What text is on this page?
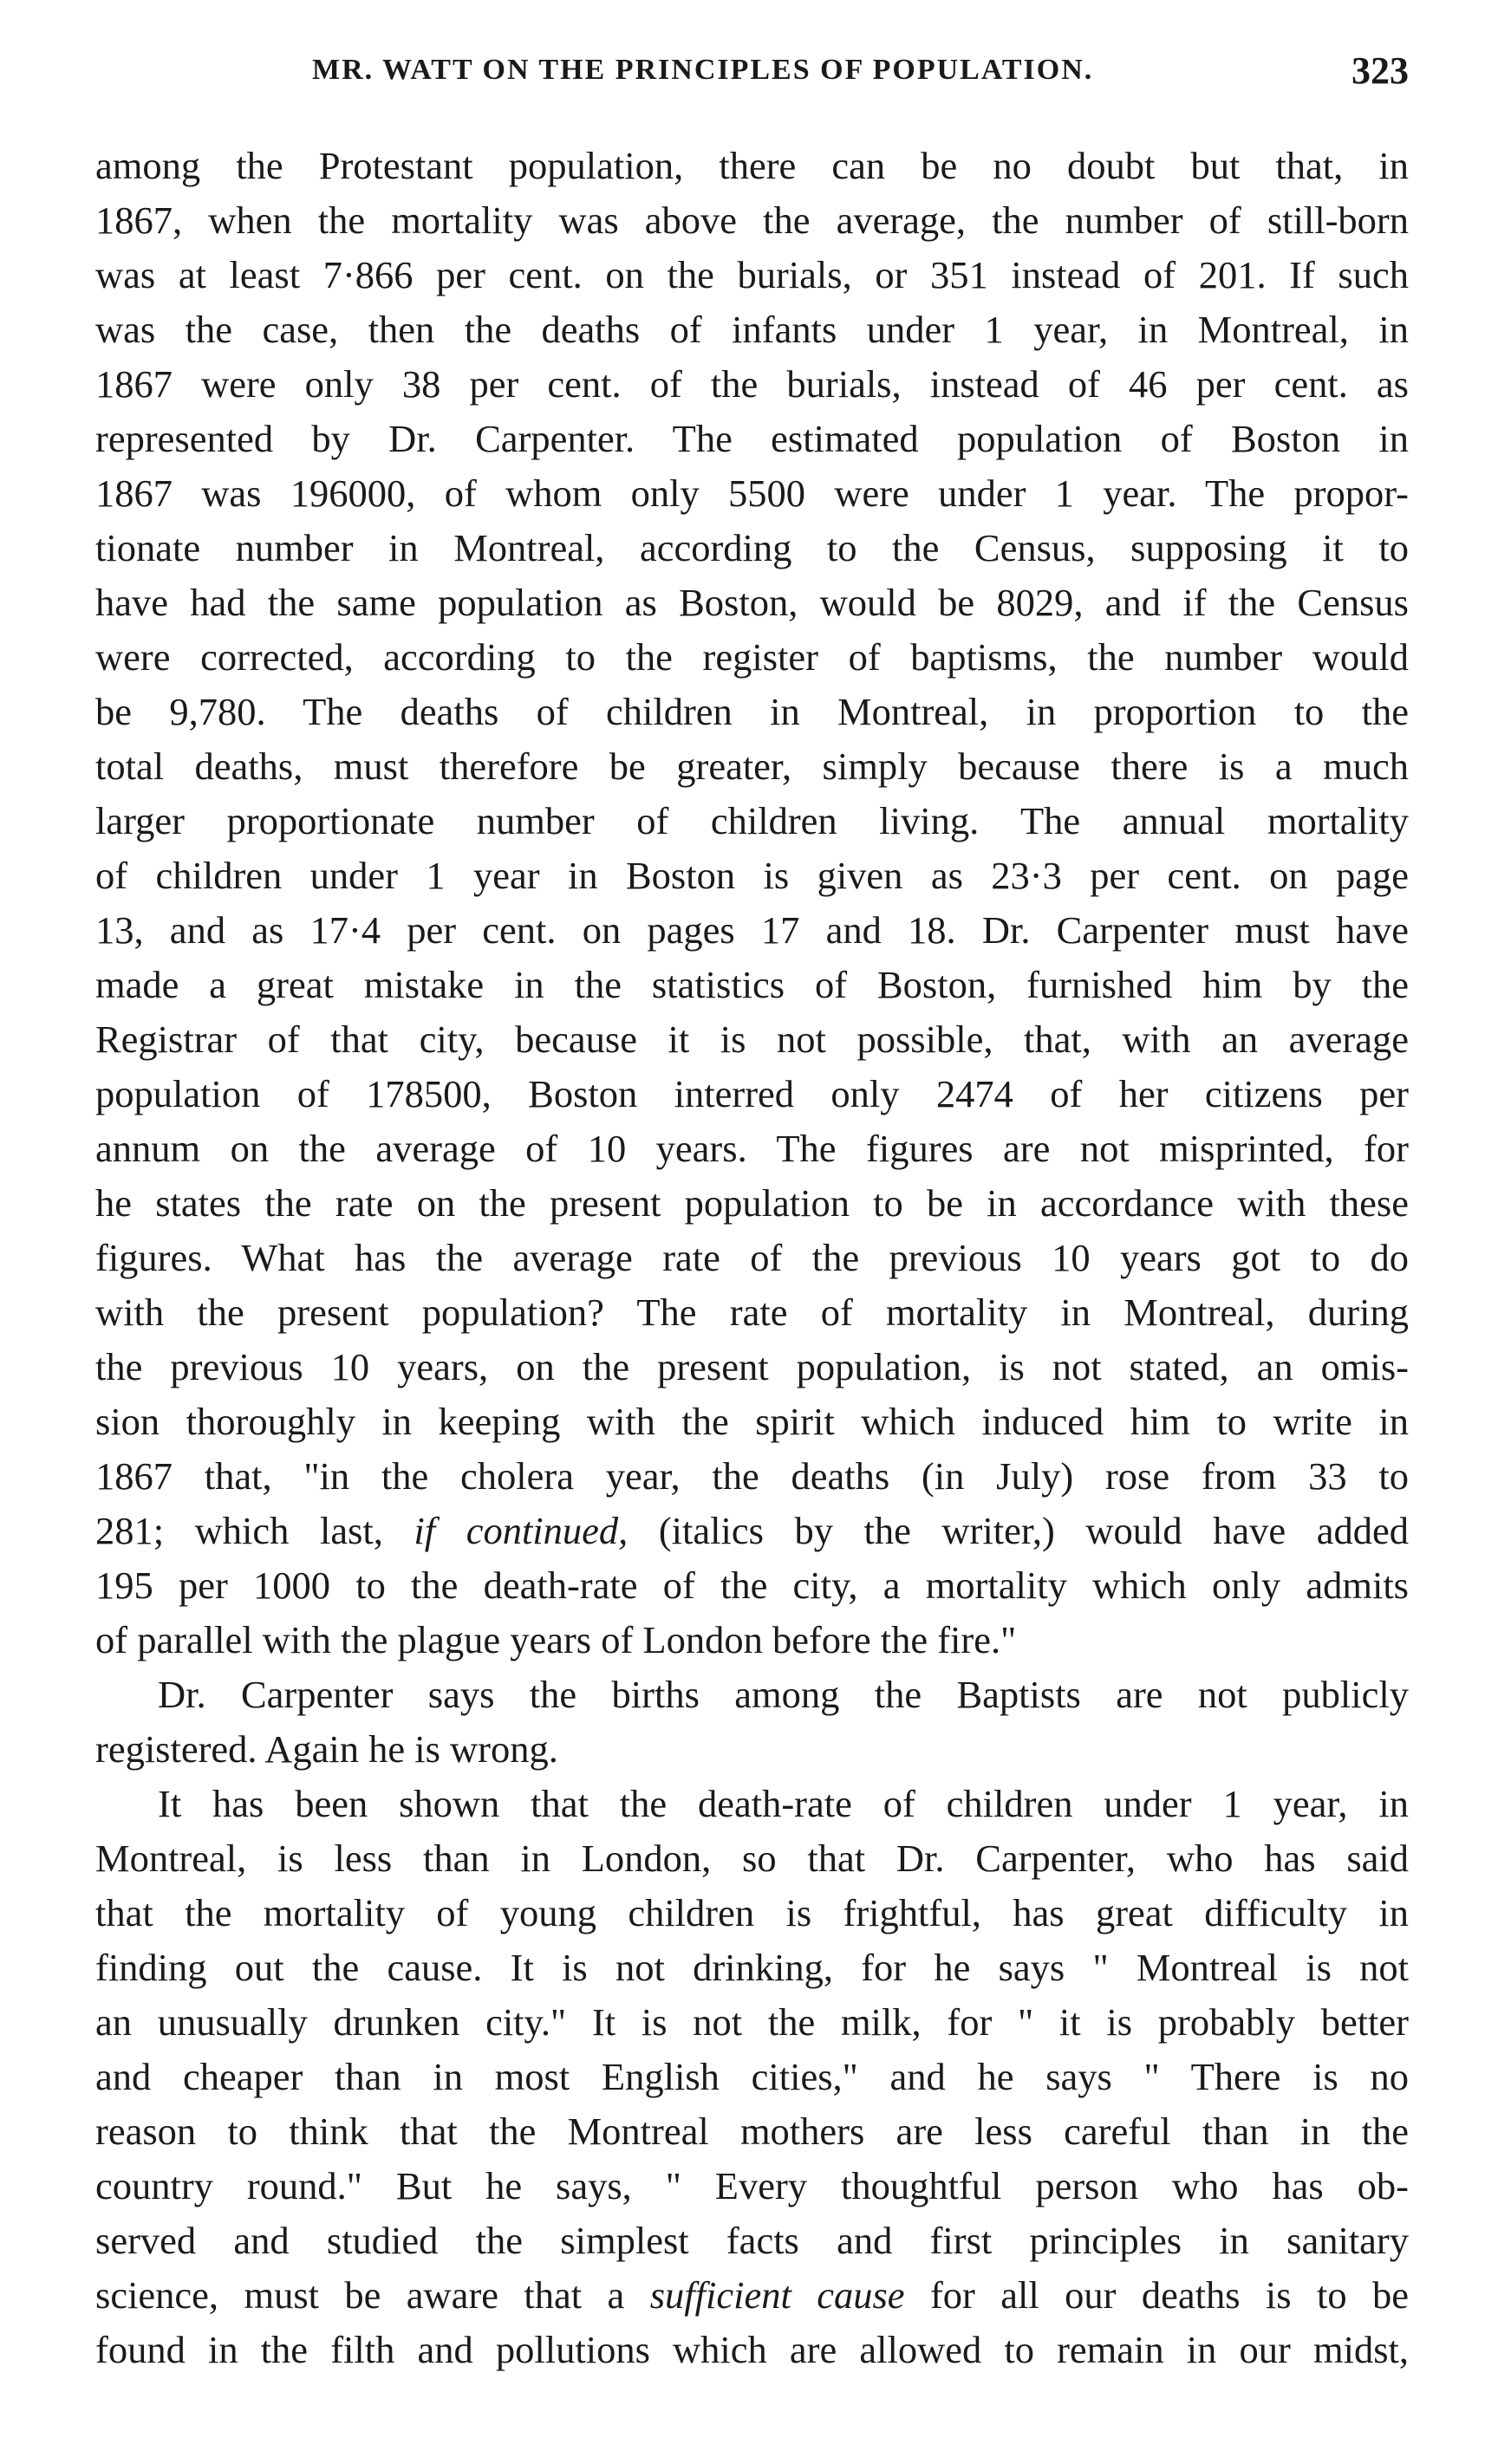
MR. WATT ON THE PRINCIPLES OF POPULATION.	323

among the Protestant population, there can be no doubt but that, in
1867, when the mortality was above the average, the number of still-born
was at least 7·866 per cent. on the burials, or 351 instead of 201. If such
was the case, then the deaths of infants under 1 year, in Montreal, in
1867 were only 38 per cent. of the burials, instead of 46 per cent. as
represented by Dr. Carpenter. The estimated population of Boston in
1867 was 196000, of whom only 5500 were under 1 year. The propor-
tionate number in Montreal, according to the Census, supposing it to
have had the same population as Boston, would be 8029, and if the Census
were corrected, according to the register of baptisms, the number would
be 9,780. The deaths of children in Montreal, in proportion to the
total deaths, must therefore be greater, simply because there is a much
larger proportionate number of children living. The annual mortality
of children under 1 year in Boston is given as 23·3 per cent. on page
13, and as 17·4 per cent. on pages 17 and 18. Dr. Carpenter must have
made a great mistake in the statistics of Boston, furnished him by the
Registrar of that city, because it is not possible, that, with an average
population of 178500, Boston interred only 2474 of her citizens per
annum on the average of 10 years. The figures are not misprinted, for
he states the rate on the present population to be in accordance with these
figures. What has the average rate of the previous 10 years got to do
with the present population? The rate of mortality in Montreal, during
the previous 10 years, on the present population, is not stated, an omis-
sion thoroughly in keeping with the spirit which induced him to write in
1867 that, "in the cholera year, the deaths (in July) rose from 33 to
281; which last, if continued, (italics by the writer,) would have added
195 per 1000 to the death-rate of the city, a mortality which only admits
of parallel with the plague years of London before the fire."

Dr. Carpenter says the births among the Baptists are not publicly
registered. Again he is wrong.

It has been shown that the death-rate of children under 1 year, in
Montreal, is less than in London, so that Dr. Carpenter, who has said
that the mortality of young children is frightful, has great difficulty in
finding out the cause. It is not drinking, for he says " Montreal is not
an unusually drunken city." It is not the milk, for " it is probably better
and cheaper than in most English cities," and he says " There is no
reason to think that the Montreal mothers are less careful than in the
country round." But he says, " Every thoughtful person who has ob-
served and studied the simplest facts and first principles in sanitary
science, must be aware that a sufficient cause for all our deaths is to be
found in the filth and pollutions which are allowed to remain in our midst,
